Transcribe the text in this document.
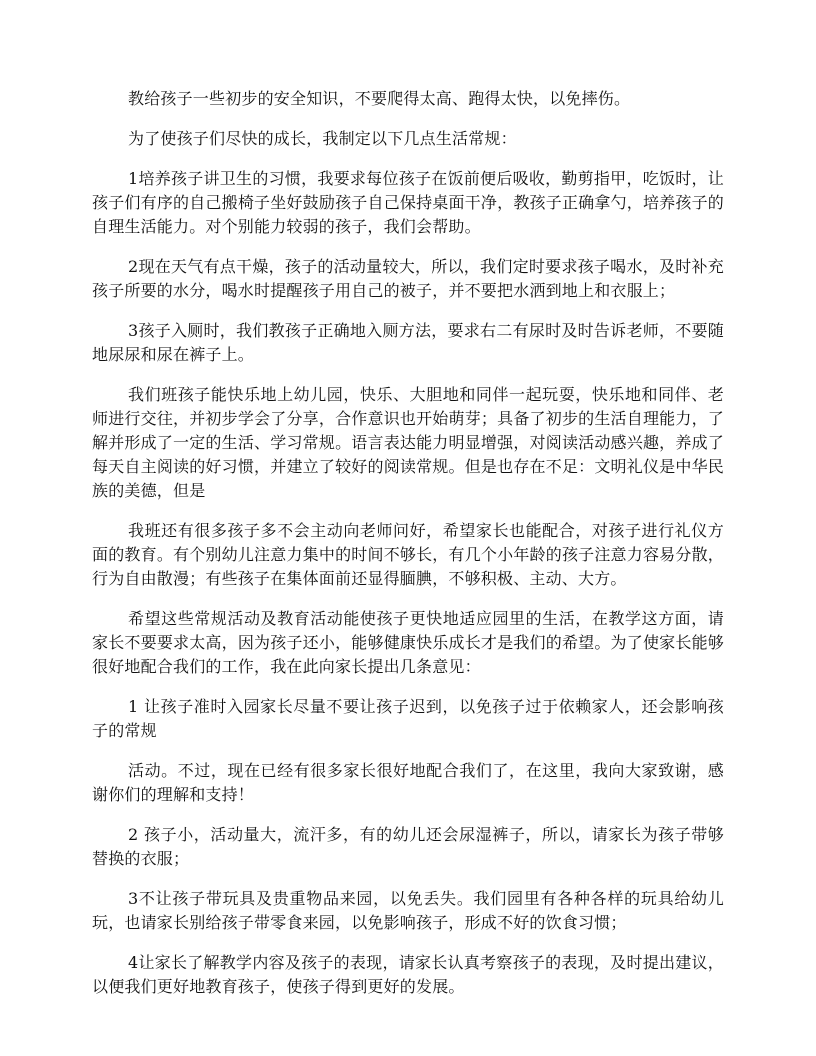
教给孩子一些初步的安全知识，不要爬得太高、跑得太快，以免摔伤。

为了使孩子们尽快的成长，我制定以下几点生活常规：

1培养孩子讲卫生的习惯，我要求每位孩子在饭前便后吸收，勤剪指甲，吃饭时，让孩子们有序的自己搬椅子坐好鼓励孩子自己保持桌面干净，教孩子正确拿勺，培养孩子的自理生活能力。对个别能力较弱的孩子，我们会帮助。

2现在天气有点干燥，孩子的活动量较大，所以，我们定时要求孩子喝水，及时补充孩子所要的水分，喝水时提醒孩子用自己的被子，并不要把水洒到地上和衣服上；

3孩子入厕时，我们教孩子正确地入厕方法，要求右二有尿时及时告诉老师，不要随地尿尿和尿在裤子上。

我们班孩子能快乐地上幼儿园，快乐、大胆地和同伴一起玩耍，快乐地和同伴、老师进行交往，并初步学会了分享，合作意识也开始萌芽；具备了初步的生活自理能力，了解并形成了一定的生活、学习常规。语言表达能力明显增强，对阅读活动感兴趣，养成了每天自主阅读的好习惯，并建立了较好的阅读常规。但是也存在不足：文明礼仪是中华民族的美德，但是

我班还有很多孩子多不会主动向老师问好，希望家长也能配合，对孩子进行礼仪方面的教育。有个别幼儿注意力集中的时间不够长，有几个小年龄的孩子注意力容易分散，行为自由散漫；有些孩子在集体面前还显得腼腆，不够积极、主动、大方。

希望这些常规活动及教育活动能使孩子更快地适应园里的生活，在教学这方面，请家长不要要求太高，因为孩子还小，能够健康快乐成长才是我们的希望。为了使家长能够很好地配合我们的工作，我在此向家长提出几条意见：

1 让孩子准时入园家长尽量不要让孩子迟到，以免孩子过于依赖家人，还会影响孩子的常规

活动。不过，现在已经有很多家长很好地配合我们了，在这里，我向大家致谢，感谢你们的理解和支持！

2 孩子小，活动量大，流汗多，有的幼儿还会尿湿裤子，所以，请家长为孩子带够替换的衣服；

3不让孩子带玩具及贵重物品来园，以免丢失。我们园里有各种各样的玩具给幼儿玩，也请家长别给孩子带零食来园，以免影响孩子，形成不好的饮食习惯；

4让家长了解教学内容及孩子的表现，请家长认真考察孩子的表现，及时提出建议，以便我们更好地教育孩子，使孩子得到更好的发展。
